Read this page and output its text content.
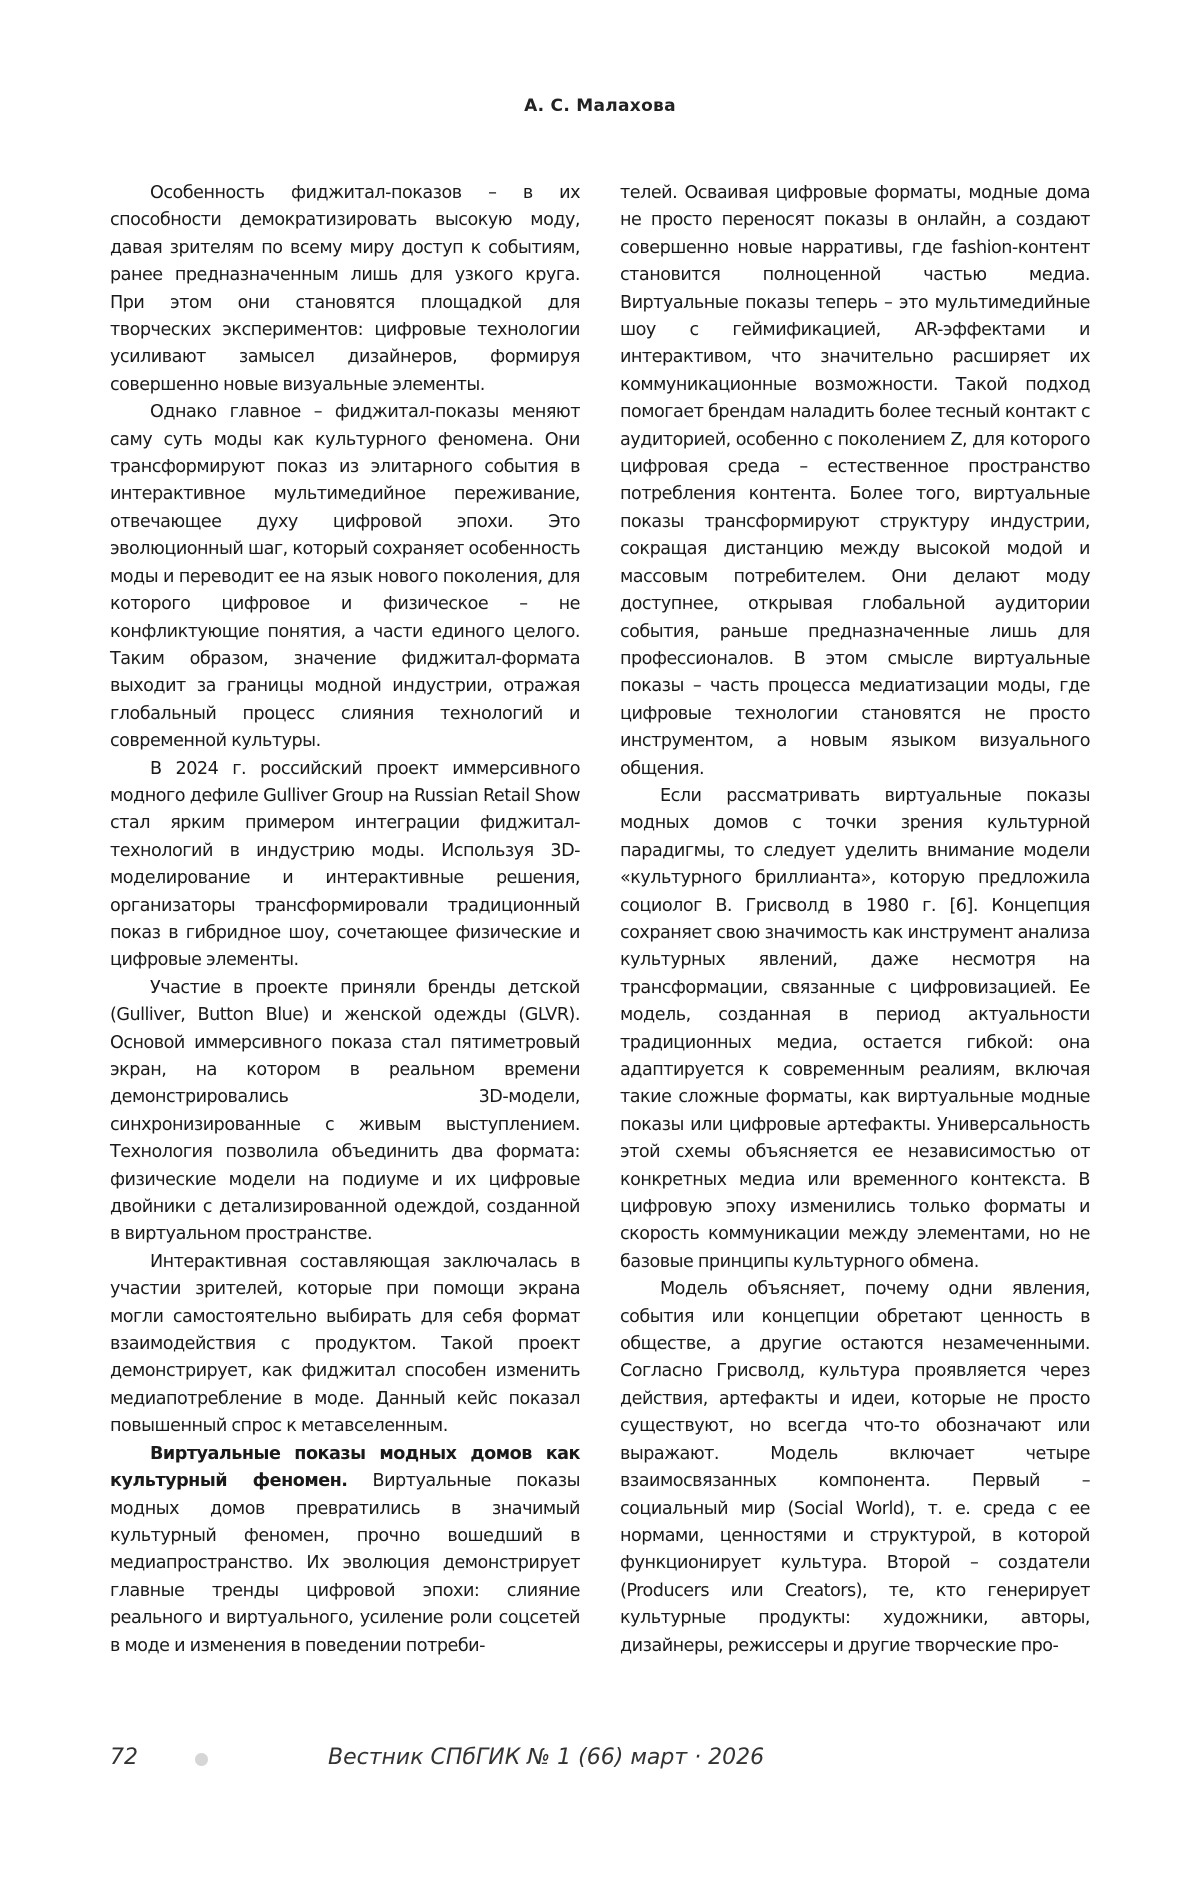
А. С. Малахова

Особенность фиджитал-показов – в их способности демократизировать высокую моду, давая зрителям по всему миру доступ к событиям, ранее предназначенным лишь для узкого круга. При этом они становятся площадкой для творческих экспериментов: цифровые технологии усиливают замысел дизайнеров, формируя совершенно новые визуальные элементы.

Однако главное – фиджитал-показы меняют саму суть моды как культурного феномена. Они трансформируют показ из элитарного события в интерактивное мультимедийное переживание, отвечающее духу цифровой эпохи. Это эволюционный шаг, который сохраняет особенность моды и переводит ее на язык нового поколения, для которого цифровое и физическое – не конфликтующие понятия, а части единого целого. Таким образом, значение фиджитал-формата выходит за границы модной индустрии, отражая глобальный процесс слияния технологий и современной культуры.

В 2024 г. российский проект иммерсивного модного дефиле Gulliver Group на Russian Retail Show стал ярким примером интеграции фиджитал-технологий в индустрию моды. Используя 3D-моделирование и интерактивные решения, организаторы трансформировали традиционный показ в гибридное шоу, сочетающее физические и цифровые элементы.

Участие в проекте приняли бренды детской (Gulliver, Button Blue) и женской одежды (GLVR). Основой иммерсивного показа стал пятиметровый экран, на котором в реальном времени демонстрировались 3D-модели, синхронизированные с живым выступлением. Технология позволила объединить два формата: физические модели на подиуме и их цифровые двойники с детализированной одеждой, созданной в виртуальном пространстве.

Интерактивная составляющая заключалась в участии зрителей, которые при помощи экрана могли самостоятельно выбирать для себя формат взаимодействия с продуктом. Такой проект демонстрирует, как фиджитал способен изменить медиапотребление в моде. Данный кейс показал повышенный спрос к метавселенным.

Виртуальные показы модных домов как культурный феномен. Виртуальные показы модных домов превратились в значимый культурный феномен, прочно вошедший в медиапространство. Их эволюция демонстрирует главные тренды цифровой эпохи: слияние реального и виртуального, усиление роли соцсетей в моде и изменения в поведении потреби-

телей. Осваивая цифровые форматы, модные дома не просто переносят показы в онлайн, а создают совершенно новые нарративы, где fashion-контент становится полноценной частью медиа. Виртуальные показы теперь – это мультимедийные шоу с геймификацией, AR-эффектами и интерактивом, что значительно расширяет их коммуникационные возможности. Такой подход помогает брендам наладить более тесный контакт с аудиторией, особенно с поколением Z, для которого цифровая среда – естественное пространство потребления контента. Более того, виртуальные показы трансформируют структуру индустрии, сокращая дистанцию между высокой модой и массовым потребителем. Они делают моду доступнее, открывая глобальной аудитории события, раньше предназначенные лишь для профессионалов. В этом смысле виртуальные показы – часть процесса медиатизации моды, где цифровые технологии становятся не просто инструментом, а новым языком визуального общения.

Если рассматривать виртуальные показы модных домов с точки зрения культурной парадигмы, то следует уделить внимание модели «культурного бриллианта», которую предложила социолог В. Грисволд в 1980 г. [6]. Концепция сохраняет свою значимость как инструмент анализа культурных явлений, даже несмотря на трансформации, связанные с цифровизацией. Ее модель, созданная в период актуальности традиционных медиа, остается гибкой: она адаптируется к современным реалиям, включая такие сложные форматы, как виртуальные модные показы или цифровые артефакты. Универсальность этой схемы объясняется ее независимостью от конкретных медиа или временного контекста. В цифровую эпоху изменились только форматы и скорость коммуникации между элементами, но не базовые принципы культурного обмена.

Модель объясняет, почему одни явления, события или концепции обретают ценность в обществе, а другие остаются незамеченными. Согласно Грисволд, культура проявляется через действия, артефакты и идеи, которые не просто существуют, но всегда что-то обозначают или выражают. Модель включает четыре взаимосвязанных компонента. Первый – социальный мир (Social World), т. е. среда с ее нормами, ценностями и структурой, в которой функционирует культура. Второй – создатели (Producers или Creators), те, кто генерирует культурные продукты: художники, авторы, дизайнеры, режиссеры и другие творческие про-

72	Вестник СПбГИК № 1 (66) март · 2026
